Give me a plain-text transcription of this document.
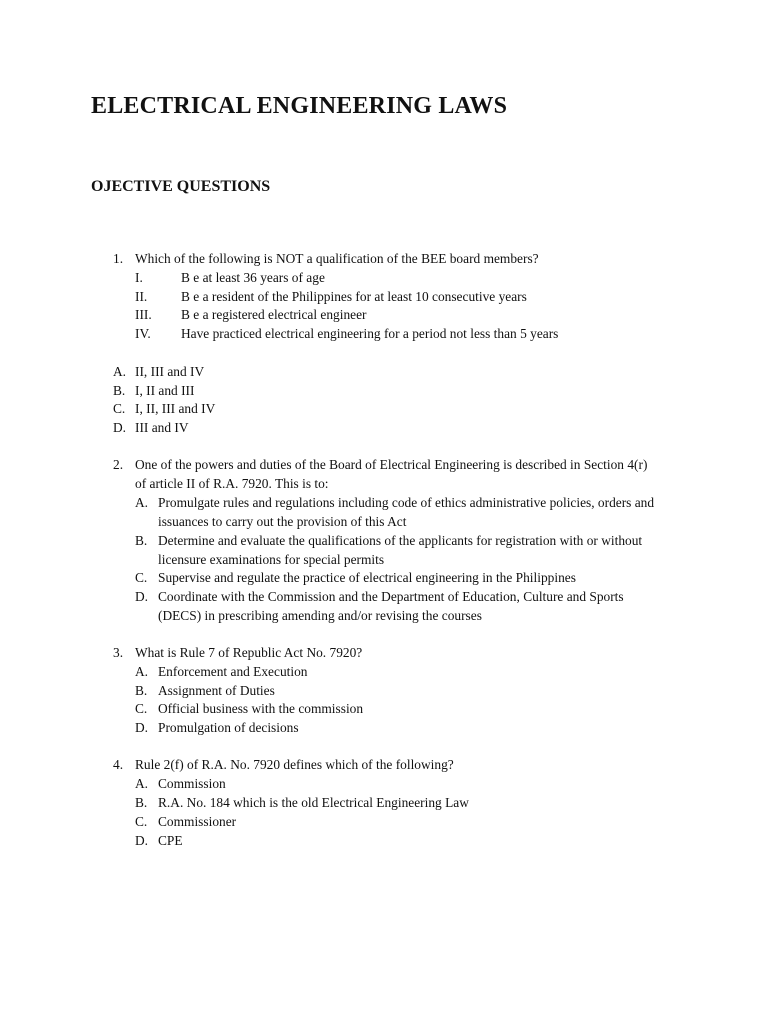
ELECTRICAL ENGINEERING LAWS
OJECTIVE QUESTIONS
1. Which of the following is NOT a qualification of the BEE board members?
I.	B e at least 36 years of age
II.	B e a resident of the Philippines for at least 10 consecutive years
III. B e a registered electrical engineer
IV. Have practiced electrical engineering for a period not less than 5 years
A. II, III and IV
B. I, II and III
C. I, II, III and IV
D. III and IV
2. One of the powers and duties of the Board of Electrical Engineering is described in Section 4(r)
of article II of R.A. 7920. This is to:
A. Promulgate rules and regulations including code of ethics administrative policies, orders and
issuances to carry out the provision of this Act
B. Determine and evaluate the qualifications of the applicants for registration with or without
licensure examinations for special permits
C. Supervise and regulate the practice of electrical engineering in the Philippines
D. Coordinate with the Commission and the Department of Education, Culture and Sports
(DECS) in prescribing amending and/or revising the courses
3. What is Rule 7 of Republic Act No. 7920?
A. Enforcement and Execution
B. Assignment of Duties
C. Official business with the commission
D. Promulgation of decisions
4. Rule 2(f) of R.A. No. 7920 defines which of the following?
A. Commission
B. R.A. No. 184 which is the old Electrical Engineering Law
C. Commissioner
D. CPE
